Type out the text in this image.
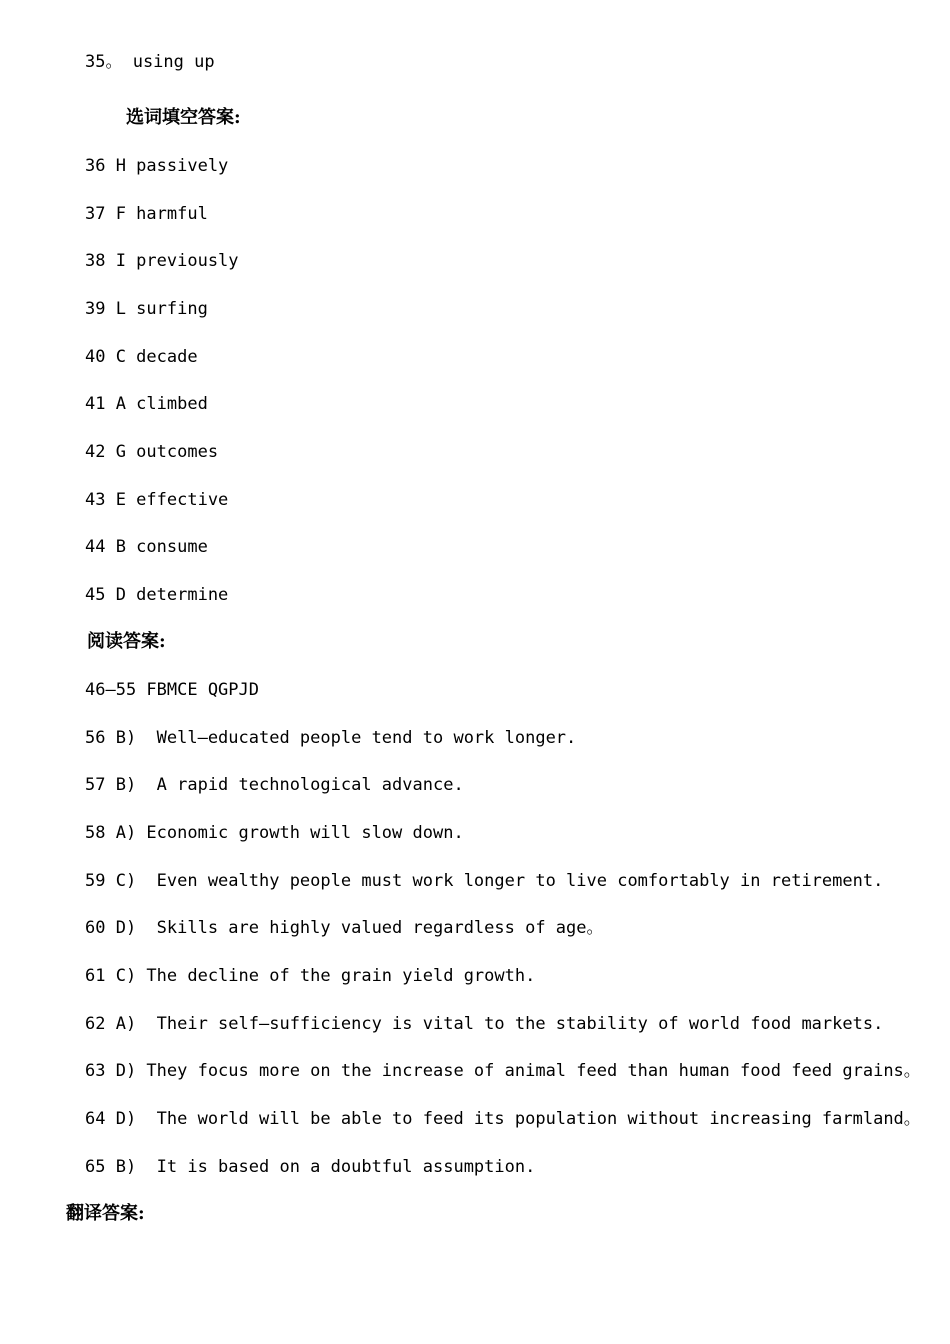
35。 using up

选词填空答案:

36 H passively

37 F harmful

38 I previously

39 L surfing

40 C decade

41 A climbed

42 G outcomes

43 E effective

44 B consume

45 D determine

阅读答案:

46—55 FBMCE QGPJD

56 B)  Well—educated people tend to work longer.

57 B)  A rapid technological advance.

58 A) Economic growth will slow down.

59 C)  Even wealthy people must work longer to live comfortably in retirement.

60 D)  Skills are highly valued regardless of age。

61 C) The decline of the grain yield growth.

62 A)  Their self—sufficiency is vital to the stability of world food markets.

63 D) They focus more on the increase of animal feed than human food feed grains。

64 D)  The world will be able to feed its population without increasing farmland。

65 B)  It is based on a doubtful assumption.

翻译答案:
